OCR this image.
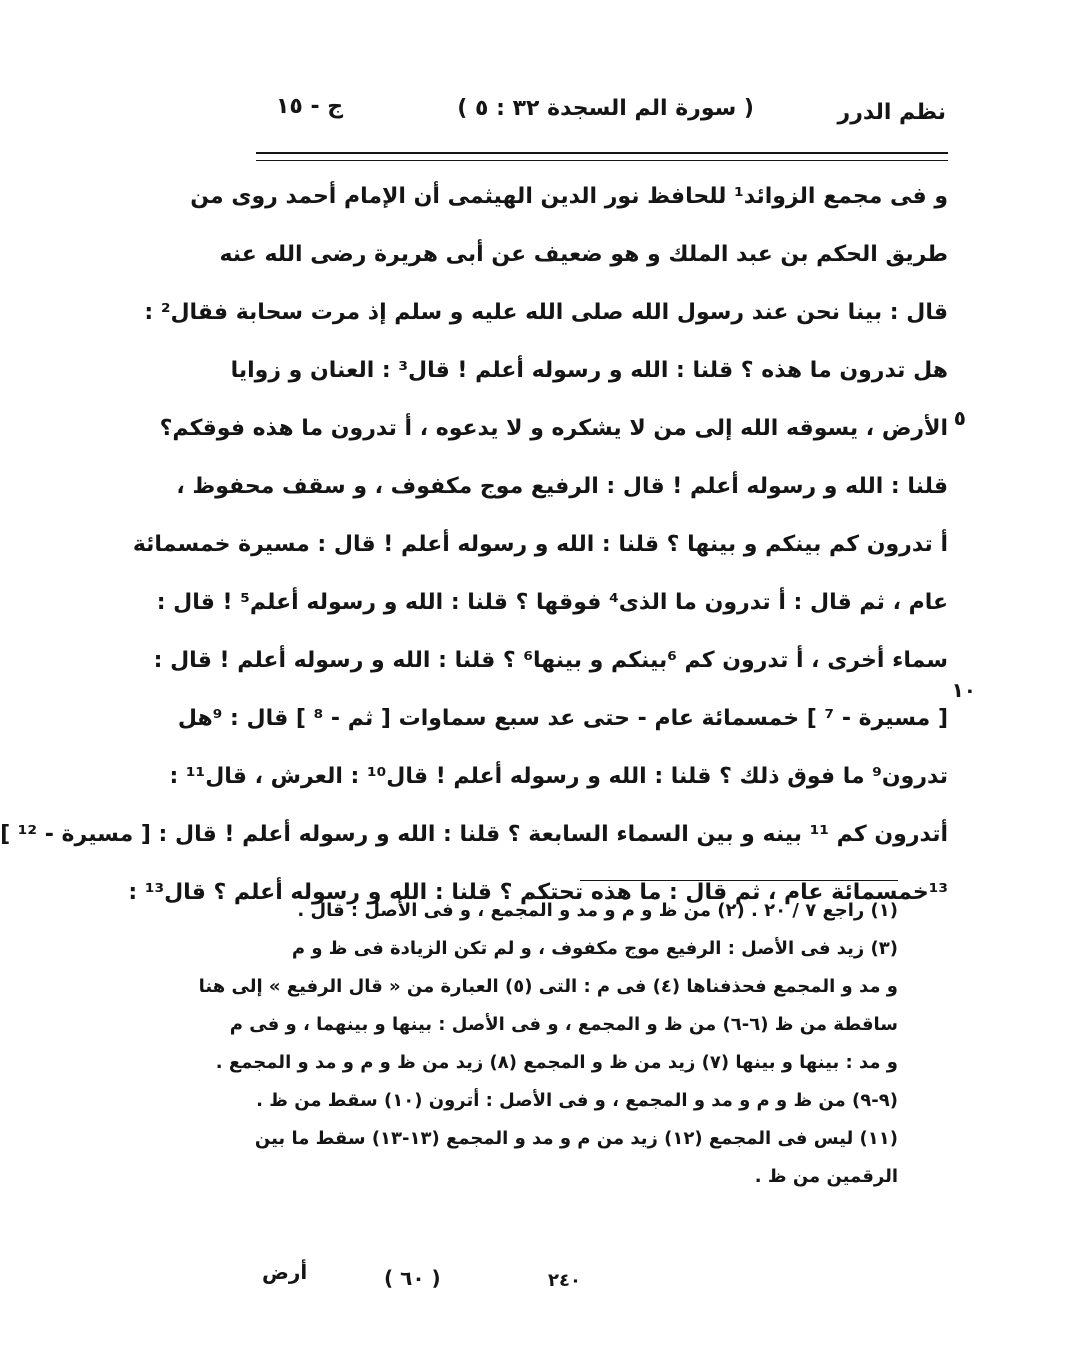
نظم الدرر
( سورة الم السجدة ٣٢ : ٥ )
ج - ١٥
و فى مجمع الزوائد¹ للحافظ نور الدين الهيثمى أن الإمام أحمد روى من
طريق الحكم بن عبد الملك و هو ضعيف عن أبى هريرة رضى الله عنه
قال : بينا نحن عند رسول الله صلى الله عليه و سلم إذ مرت سحابة فقال² :
هل تدرون ما هذه ؟ قلنا : الله و رسوله أعلم ! قال³ : العنان و زوايا
الأرض ، يسوقه الله إلى من لا يشكره و لا يدعوه ، أ تدرون ما هذه فوقكم؟
قلنا : الله و رسوله أعلم ! قال : الرفيع موج مكفوف ، و سقف محفوظ ،
أ تدرون كم بينكم و بينها ؟ قلنا : الله و رسوله أعلم ! قال : مسيرة خمسمائة
عام ، ثم قال : أ تدرون ما الذى⁴ فوقها ؟ قلنا : الله و رسوله أعلم⁵ ! قال :
سماء أخرى ، أ تدرون كم ⁶بينكم و بينها⁶ ؟ قلنا : الله و رسوله أعلم ! قال :
[ مسيرة - ⁷ ] خمسمائة عام - حتى عد سبع سماوات [ ثم - ⁸ ] قال : ⁹هل
تدرون⁹ ما فوق ذلك ؟ قلنا : الله و رسوله أعلم ! قال¹⁰ : العرش ، قال¹¹ :
أتدرون كم ¹¹ بينه و بين السماء السابعة ؟ قلنا : الله و رسوله أعلم ! قال : [ مسيرة - ¹² ]
¹³خمسمائة عام ، ثم قال : ما هذه تحتكم ؟ قلنا : الله و رسوله أعلم ؟ قال¹³ :
٥
١٠
(١) راجع ٧ / ٢٠ . (٢) من ظ و م و مد و المجمع ، و فى الأصل : قال .
(٣) زيد فى الأصل : الرفيع موج مكفوف ، و لم تكن الزيادة فى ظ و م
و مد و المجمع فحذفناها (٤) فى م : التى (٥) العبارة من « قال الرفيع » إلى هنا
ساقطة من ظ (٦-٦) من ظ و المجمع ، و فى الأصل : بينها و بينهما ، و فى م
و مد : بينها و بينها (٧) زيد من ظ و المجمع (٨) زيد من ظ و م و مد و المجمع .
(٩-٩) من ظ و م و مد و المجمع ، و فى الأصل : أترون (١٠) سقط من ظ .
(١١) ليس فى المجمع (١٢) زيد من م و مد و المجمع (١٣-١٣) سقط ما بين
الرقمين من ظ .
أرض	( ٦٠ )	٢٤٠
